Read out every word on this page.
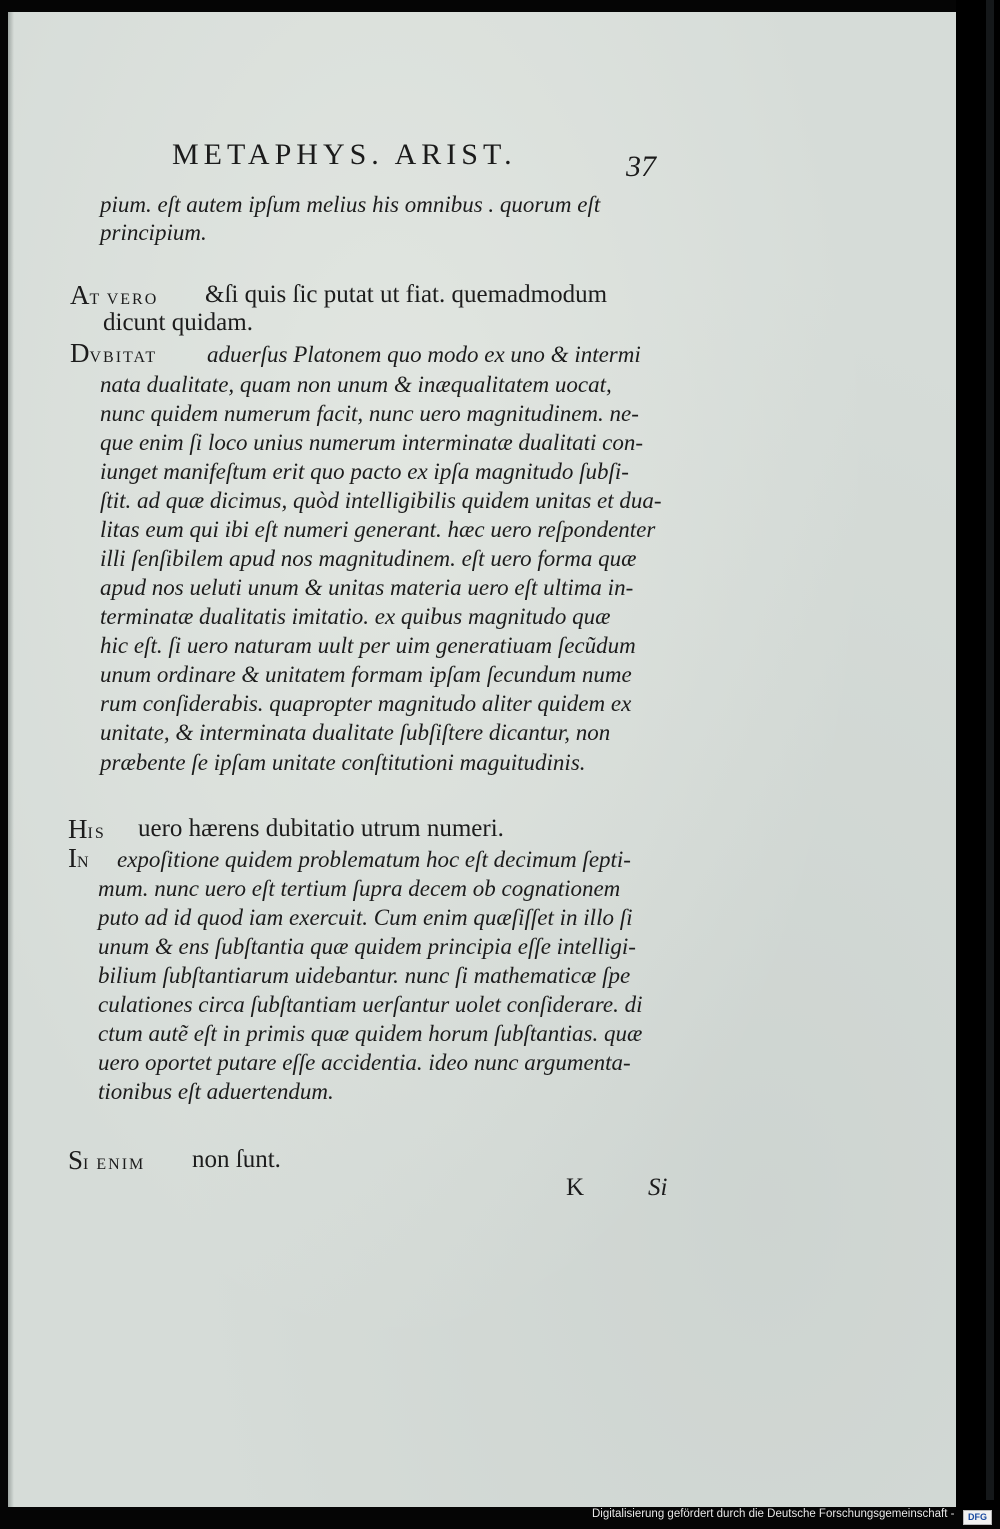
METAPHYS. ARIST.	37
pium. eſt autem ipſum melius his omnibus . quorum eſt
principium.
AT VERO &ſi quis ſic putat ut fiat. quemadmodum
dicunt quidam.
DVBITAT aduerſus Platonem quo modo ex uno & intermi
nata dualitate, quam non unum & inæqualitatem uocat,
nunc quidem numerum facit, nunc uero magnitudinem. ne-
que enim ſi loco unius numerum interminatæ dualitati con-
iunget manifeſtum erit quo pacto ex ipſa magnitudo ſubſi-
ſtit. ad quæ dicimus, quòd intelligibilis quidem unitas et dua-
litas eum qui ibi eſt numeri generant. hæc uero reſpondenter
illi ſenſibilem apud nos magnitudinem. eſt uero forma quæ
apud nos ueluti unum & unitas materia uero eſt ultima in-
terminatæ dualitatis imitatio. ex quibus magnitudo quæ
hic eſt. ſi uero naturam uult per uim generatiuam ſecũdum
unum ordinare & unitatem formam ipſam ſecundum nume
rum conſiderabis. quapropter magnitudo aliter quidem ex
unitate, & interminata dualitate ſubſiſtere dicantur, non
præbente ſe ipſam unitate conſtitutioni maguitudinis.
HIS uero hærens dubitatio utrum numeri.
IN expoſitione quidem problematum hoc eſt decimum ſepti-
mum. nunc uero eſt tertium ſupra decem ob cognationem
puto ad id quod iam exercuit. Cum enim quæſiſſet in illo ſi
unum & ens ſubſtantia quæ quidem principia eſſe intelligi-
bilium ſubſtantiarum uidebantur. nunc ſi mathematicæ ſpe
culationes circa ſubſtantiam uerſantur uolet conſiderare. di
ctum autẽ eſt in primis quæ quidem horum ſubſtantias. quæ
uero oportet putare eſſe accidentia. ideo nunc argumenta-
tionibus eſt aduertendum.
SI ENIM non ſunt.
K	Si
Digitalisierung gefördert durch die Deutsche Forschungsgemeinschaft -	DFG
